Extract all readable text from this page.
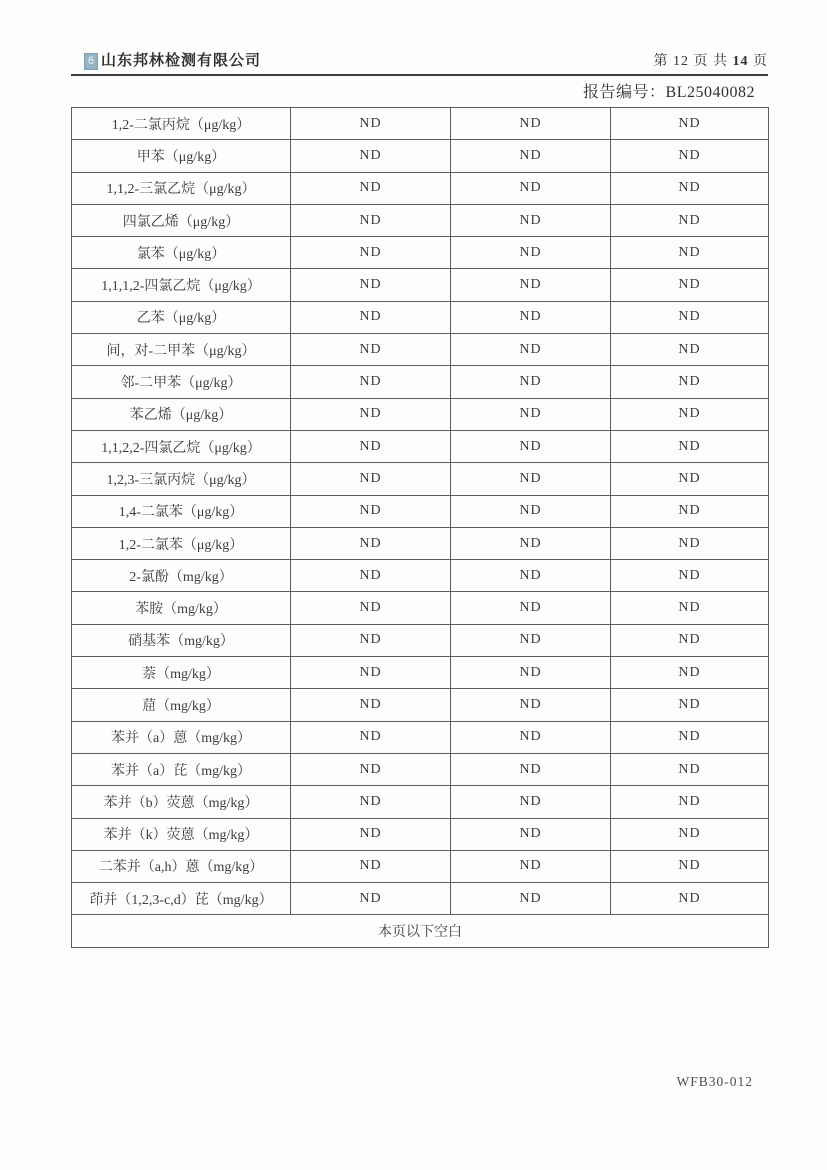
6 山东邦林检测有限公司	第 12 页 共 14 页
报告编号：BL25040082
1,2-二氯丙烷（μg/kg）	ND	ND	ND
甲苯（μg/kg）	ND	ND	ND
1,1,2-三氯乙烷（μg/kg）	ND	ND	ND
四氯乙烯（μg/kg）	ND	ND	ND
氯苯（μg/kg）	ND	ND	ND
1,1,1,2-四氯乙烷（μg/kg）	ND	ND	ND
乙苯（μg/kg）	ND	ND	ND
间，对-二甲苯（μg/kg）	ND	ND	ND
邻-二甲苯（μg/kg）	ND	ND	ND
苯乙烯（μg/kg）	ND	ND	ND
1,1,2,2-四氯乙烷（μg/kg）	ND	ND	ND
1,2,3-三氯丙烷（μg/kg）	ND	ND	ND
1,4-二氯苯（μg/kg）	ND	ND	ND
1,2-二氯苯（μg/kg）	ND	ND	ND
2-氯酚（mg/kg）	ND	ND	ND
苯胺（mg/kg）	ND	ND	ND
硝基苯（mg/kg）	ND	ND	ND
萘（mg/kg）	ND	ND	ND
䓛（mg/kg）	ND	ND	ND
苯并（a）蒽（mg/kg）	ND	ND	ND
苯并（a）芘（mg/kg）	ND	ND	ND
苯并（b）荧蒽（mg/kg）	ND	ND	ND
苯并（k）荧蒽（mg/kg）	ND	ND	ND
二苯并（a,h）蒽（mg/kg）	ND	ND	ND
茚并（1,2,3-c,d）芘（mg/kg）	ND	ND	ND
本页以下空白			
WFB30-012
